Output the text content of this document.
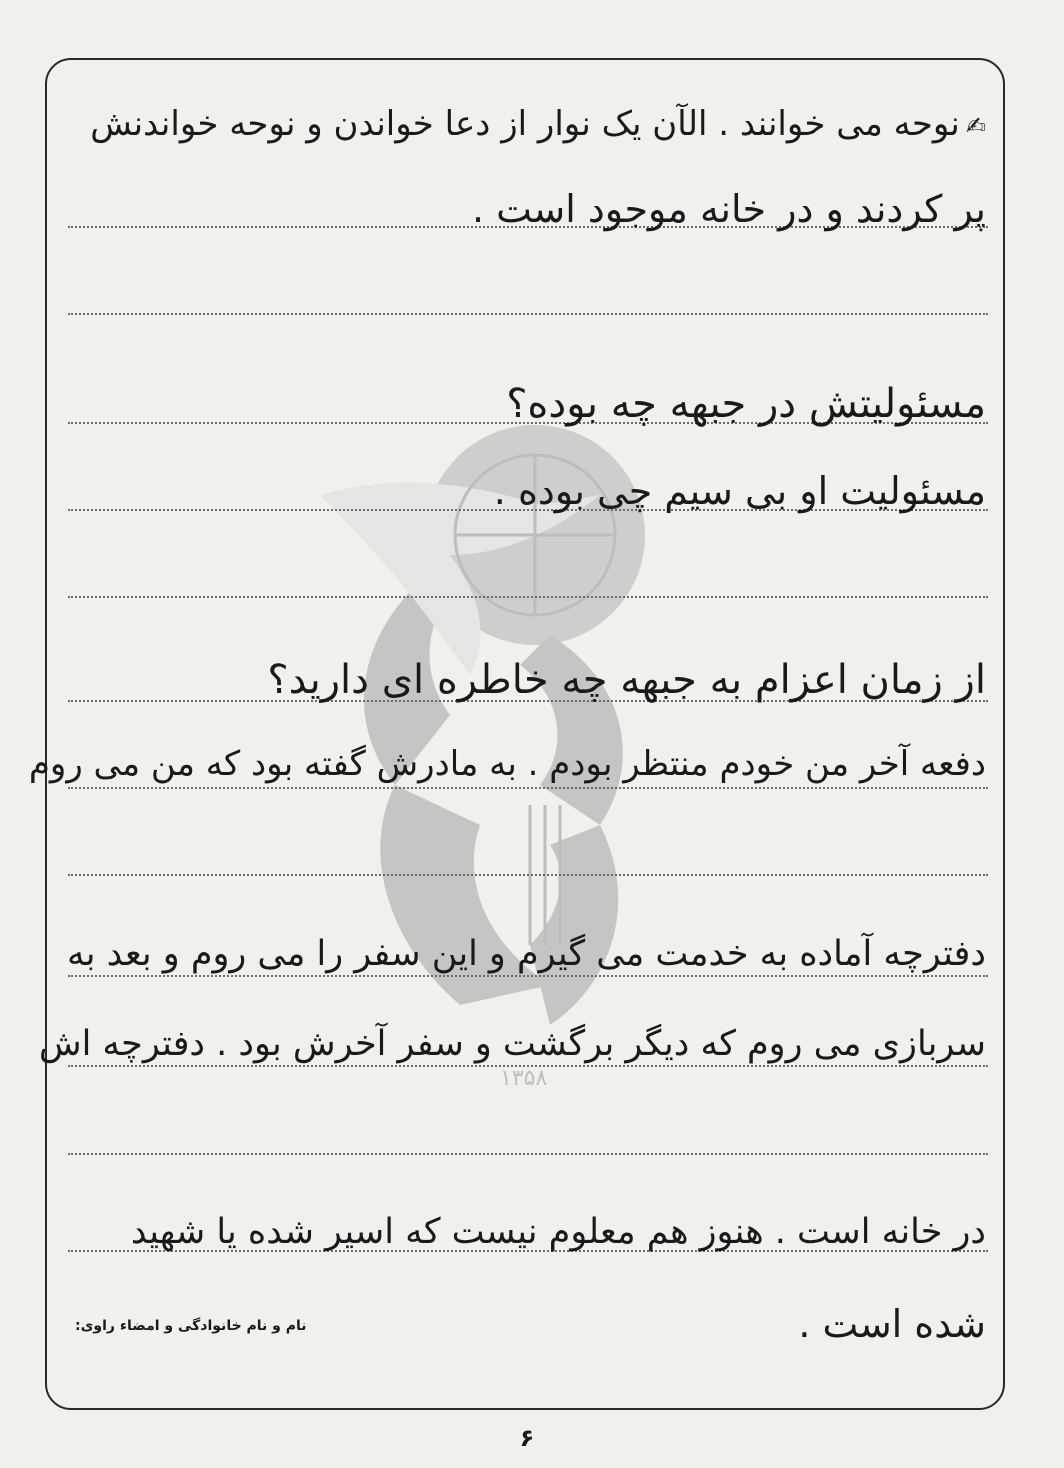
۱۳۵۸
✍نوحه می خوانند . الآن یک نوار از دعا خواندن و نوحه خواندنش
پر کردند و در خانه موجود است .
مسئولیتش در جبهه چه بوده؟
مسئولیت او بی سیم چی بوده .
از زمان اعزام به جبهه چه خاطره ای دارید؟
دفعه آخر من خودم منتظر بودم . به مادرش گفته بود که من می روم
دفترچه آماده به خدمت می گیرم و این سفر را می روم و بعد به
سربازی می روم که دیگر برگشت و سفر آخرش بود . دفترچه اش
در خانه است . هنوز هم معلوم نیست که اسیر شده یا شهید
شده است .
نام و نام خانوادگی و امضاء راوی:
۶
